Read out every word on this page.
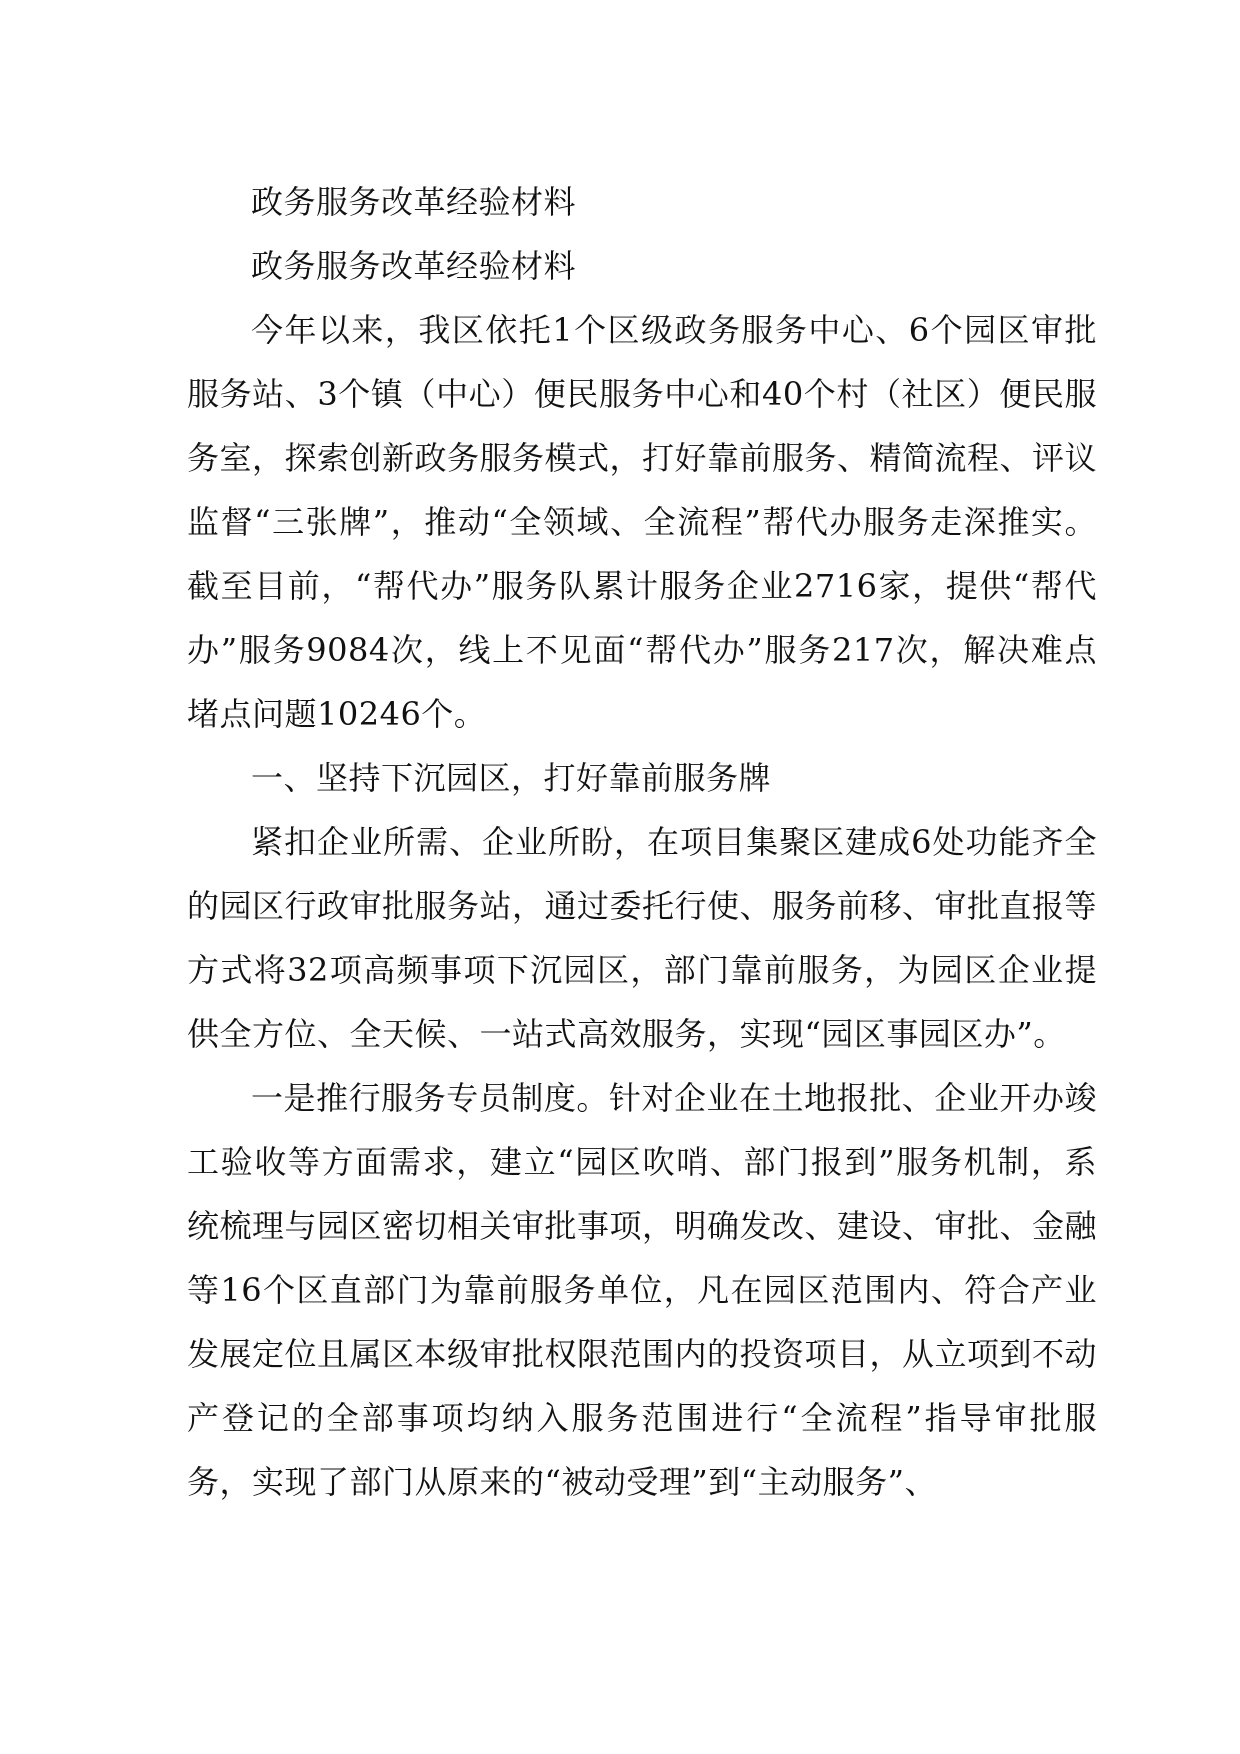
政务服务改革经验材料

政务服务改革经验材料

今年以来，我区依托1个区级政务服务中心、6个园区审批服务站、3个镇（中心）便民服务中心和40个村（社区）便民服务室，探索创新政务服务模式，打好靠前服务、精简流程、评议监督“三张牌”，推动“全领域、全流程”帮代办服务走深推实。截至目前，“帮代办”服务队累计服务企业2716家，提供“帮代办”服务9084次，线上不见面“帮代办”服务217次，解决难点堵点问题10246个。

一、坚持下沉园区，打好靠前服务牌

紧扣企业所需、企业所盼，在项目集聚区建成6处功能齐全的园区行政审批服务站，通过委托行使、服务前移、审批直报等方式将32项高频事项下沉园区，部门靠前服务，为园区企业提供全方位、全天候、一站式高效服务，实现“园区事园区办”。

一是推行服务专员制度。针对企业在土地报批、企业开办竣工验收等方面需求，建立“园区吹哨、部门报到”服务机制，系统梳理与园区密切相关审批事项，明确发改、建设、审批、金融等16个区直部门为靠前服务单位，凡在园区范围内、符合产业发展定位且属区本级审批权限范围内的投资项目，从立项到不动产登记的全部事项均纳入服务范围进行“全流程”指导审批服务，实现了部门从原来的“被动受理”到“主动服务”、
